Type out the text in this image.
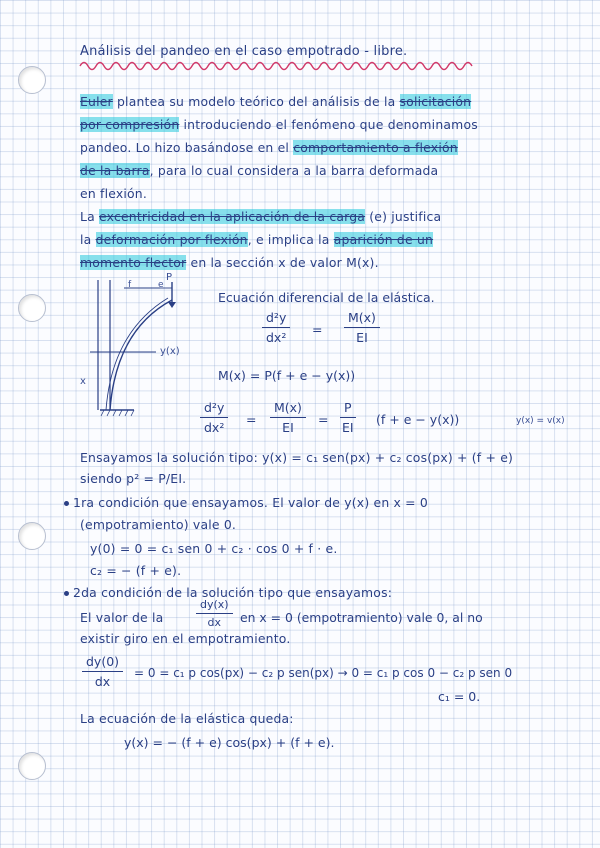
Análisis del pandeo en el caso empotrado - libre.
Euler plantea su modelo teórico del análisis de la solicitación
por compresión introduciendo el fenómeno que denominamos
pandeo. Lo hizo basándose en el comportamiento a flexión
de la barra, para lo cual considera a la barra deformada
en flexión.
La excentricidad en la aplicación de la carga (e) justifica
la deformación por flexión, e implica la aparición de un
momento flector en la sección x de valor M(x).
P
f	e
y(x)
x
Ecuación diferencial de la elástica.
$\frac{\text{d²y}}{\text{dx²}} = \frac{M(x)}{EI}$
M(x) = P(f + e − y(x))
$\frac{\text{d²y}}{\text{dx²}} = \frac{M(x)}{EI} = \frac{P}{EI} (f + e - y(x))$	y(x) = v(x)
Ensayamos la solución tipo: y(x) = c₁ sen(px) + c₂ cos(px) + (f + e)
siendo p² = P/EI.
1ra condición que ensayamos. El valor de y(x) en x = 0
(empotramiento) vale 0.
y(0) = 0 = c₁ sen 0 + c₂ · cos 0 + f · e.
c₂ = − (f + e).
2da condición de la solución tipo que ensayamos:
El valor de la	$\frac{dy(x)}{dx}$ en x = 0 (empotramiento) vale 0, al no
existir giro en el empotramiento.
$\frac{dy(0)}{dx} = 0 = c_1$ p cos(px) − c₂ p sen(px) → 0 = c₁ p cos 0 − c₂ p sen 0
c₁ = 0.
La ecuación de la elástica queda:
y(x) = − (f + e) cos(px) + (f + e).
